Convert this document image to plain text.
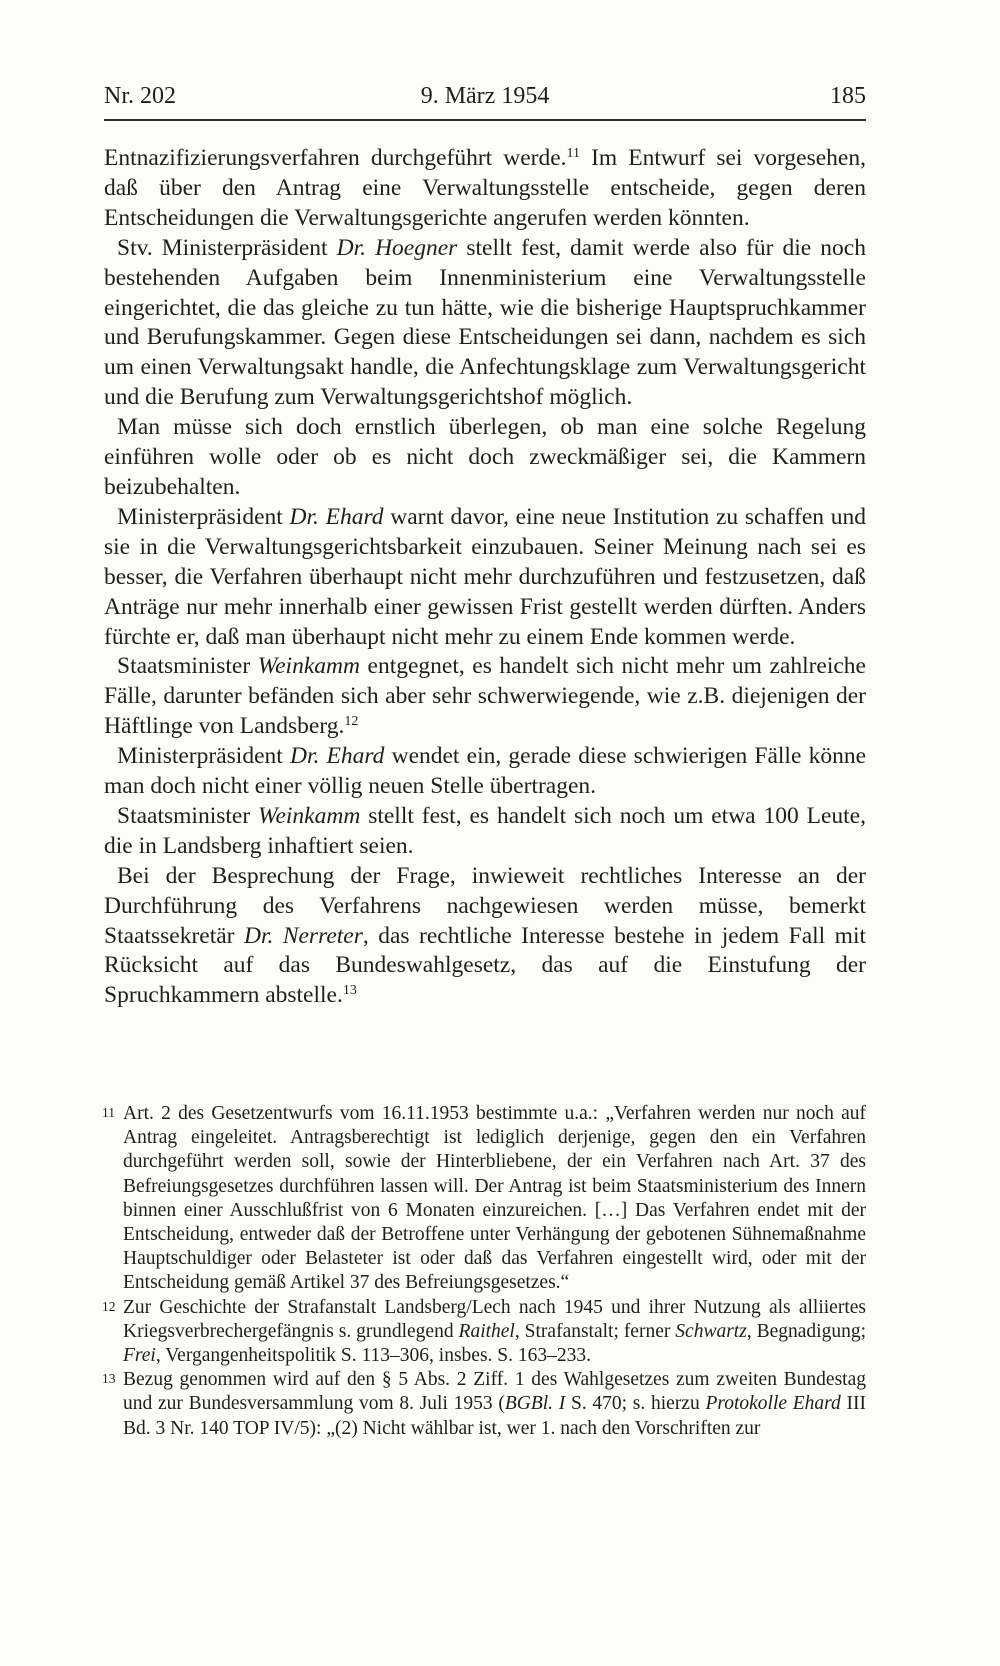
Nr. 202	9. März 1954	185

Entnazifizierungsverfahren durchgeführt werde.$^{11}$ Im Entwurf sei vorgesehen, daß über den Antrag eine Verwaltungsstelle entscheide, gegen deren Entscheidungen die Verwaltungsgerichte angerufen werden könnten.

Stv. Ministerpräsident Dr. Hoegner stellt fest, damit werde also für die noch bestehenden Aufgaben beim Innenministerium eine Verwaltungsstelle eingerichtet, die das gleiche zu tun hätte, wie die bisherige Hauptspruchkammer und Berufungskammer. Gegen diese Entscheidungen sei dann, nachdem es sich um einen Verwaltungsakt handle, die Anfechtungsklage zum Verwaltungsgericht und die Berufung zum Verwaltungsgerichtshof möglich.

Man müsse sich doch ernstlich überlegen, ob man eine solche Regelung einführen wolle oder ob es nicht doch zweckmäßiger sei, die Kammern beizubehalten.

Ministerpräsident Dr. Ehard warnt davor, eine neue Institution zu schaffen und sie in die Verwaltungsgerichtsbarkeit einzubauen. Seiner Meinung nach sei es besser, die Verfahren überhaupt nicht mehr durchzuführen und festzusetzen, daß Anträge nur mehr innerhalb einer gewissen Frist gestellt werden dürften. Anders fürchte er, daß man überhaupt nicht mehr zu einem Ende kommen werde.

Staatsminister Weinkamm entgegnet, es handelt sich nicht mehr um zahlreiche Fälle, darunter befänden sich aber sehr schwerwiegende, wie z.B. diejenigen der Häftlinge von Landsberg.$^{12}$

Ministerpräsident Dr. Ehard wendet ein, gerade diese schwierigen Fälle könne man doch nicht einer völlig neuen Stelle übertragen.

Staatsminister Weinkamm stellt fest, es handelt sich noch um etwa 100 Leute, die in Landsberg inhaftiert seien.

Bei der Besprechung der Frage, inwieweit rechtliches Interesse an der Durchführung des Verfahrens nachgewiesen werden müsse, bemerkt Staatssekretär Dr. Nerreter, das rechtliche Interesse bestehe in jedem Fall mit Rücksicht auf das Bundeswahlgesetz, das auf die Einstufung der Spruchkammern abstelle.$^{13}$

11 Art. 2 des Gesetzentwurfs vom 16.11.1953 bestimmte u.a.: „Verfahren werden nur noch auf Antrag eingeleitet. Antragsberechtigt ist lediglich derjenige, gegen den ein Verfahren durchgeführt werden soll, sowie der Hinterbliebene, der ein Verfahren nach Art. 37 des Befreiungsgesetzes durchführen lassen will. Der Antrag ist beim Staatsministerium des Innern binnen einer Ausschlußfrist von 6 Monaten einzureichen. […] Das Verfahren endet mit der Entscheidung, entweder daß der Betroffene unter Verhängung der gebotenen Sühnemaßnahme Hauptschuldiger oder Belasteter ist oder daß das Verfahren eingestellt wird, oder mit der Entscheidung gemäß Artikel 37 des Befreiungsgesetzes.“
12 Zur Geschichte der Strafanstalt Landsberg/Lech nach 1945 und ihrer Nutzung als alliiertes Kriegsverbrechergefängnis s. grundlegend Raithel, Strafanstalt; ferner Schwartz, Begnadigung; Frei, Vergangenheitspolitik S. 113–306, insbes. S. 163–233.
13 Bezug genommen wird auf den § 5 Abs. 2 Ziff. 1 des Wahlgesetzes zum zweiten Bundestag und zur Bundesversammlung vom 8. Juli 1953 (BGBl. I S. 470; s. hierzu Protokolle Ehard III Bd. 3 Nr. 140 TOP IV/5): „(2) Nicht wählbar ist, wer 1. nach den Vorschriften zur
